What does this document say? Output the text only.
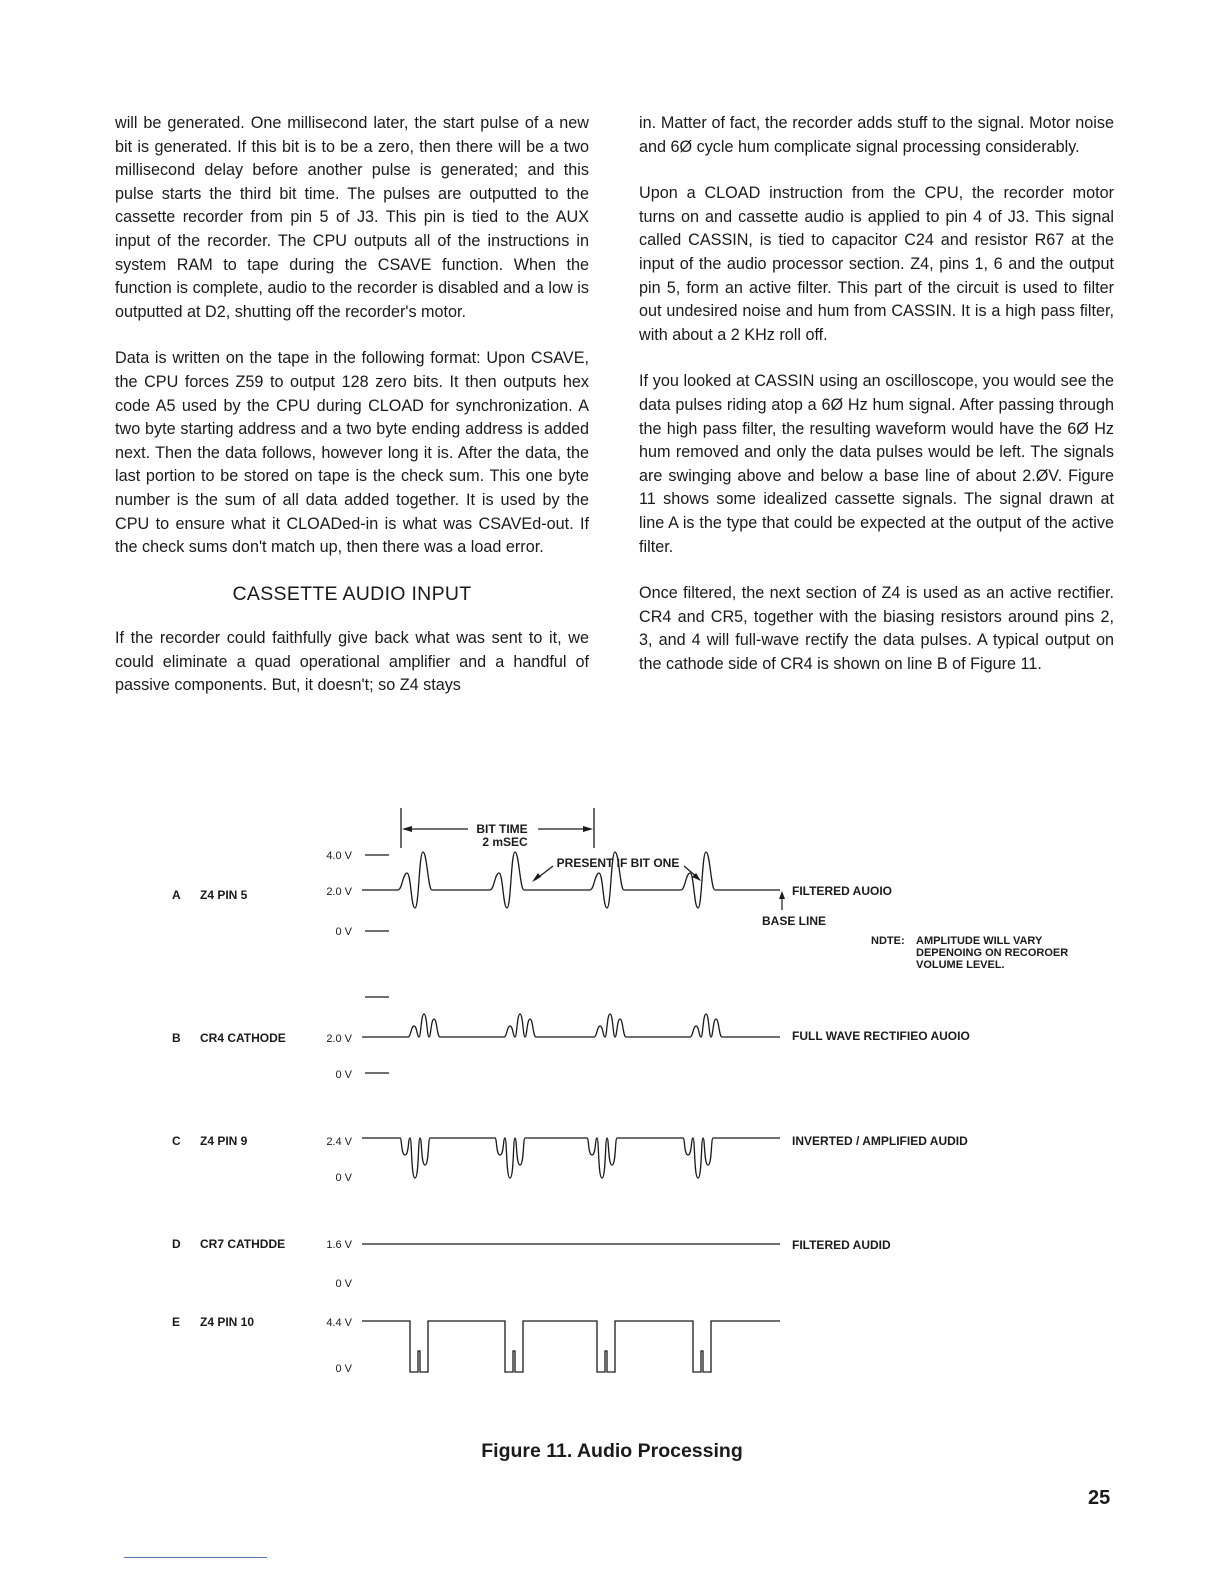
will be generated. One millisecond later, the start pulse of a new bit is generated. If this bit is to be a zero, then there will be a two millisecond delay before another pulse is generated; and this pulse starts the third bit time. The pulses are outputted to the cassette recorder from pin 5 of J3. This pin is tied to the AUX input of the recorder. The CPU outputs all of the instructions in system RAM to tape during the CSAVE function. When the function is complete, audio to the recorder is disabled and a low is outputted at D2, shutting off the recorder's motor.

Data is written on the tape in the following format: Upon CSAVE, the CPU forces Z59 to output 128 zero bits. It then outputs hex code A5 used by the CPU during CLOAD for synchronization. A two byte starting address and a two byte ending address is added next. Then the data follows, however long it is. After the data, the last portion to be stored on tape is the check sum. This one byte number is the sum of all data added together. It is used by the CPU to ensure what it CLOADed-in is what was CSAVEd-out. If the check sums don't match up, then there was a load error.

CASSETTE AUDIO INPUT

If the recorder could faithfully give back what was sent to it, we could eliminate a quad operational amplifier and a handful of passive components. But, it doesn't; so Z4 stays

in. Matter of fact, the recorder adds stuff to the signal. Motor noise and 6Ø cycle hum complicate signal processing considerably.

Upon a CLOAD instruction from the CPU, the recorder motor turns on and cassette audio is applied to pin 4 of J3. This signal called CASSIN, is tied to capacitor C24 and resistor R67 at the input of the audio processor section. Z4, pins 1, 6 and the output pin 5, form an active filter. This part of the circuit is used to filter out undesired noise and hum from CASSIN. It is a high pass filter, with about a 2 KHz roll off.

If you looked at CASSIN using an oscilloscope, you would see the data pulses riding atop a 6Ø Hz hum signal. After passing through the high pass filter, the resulting waveform would have the 6Ø Hz hum removed and only the data pulses would be left. The signals are swinging above and below a base line of about 2.ØV. Figure 11 shows some idealized cassette signals. The signal drawn at line A is the type that could be expected at the output of the active filter.

Once filtered, the next section of Z4 is used as an active rectifier. CR4 and CR5, together with the biasing resistors around pins 2, 3, and 4 will full-wave rectify the data pulses. A typical output on the cathode side of CR4 is shown on line B of Figure 11.

BIT TIME
2 mSEC
PRESENT IF BIT ONE
A Z4 PIN 5
4.0 V
2.0 V
0 V
FILTERED AUOIO
BASE LINE
NDTE: AMPLITUDE WILL VARY
DEPENOING ON RECOROER
VOLUME LEVEL.
B CR4 CATHODE	2.0 V
0 V
FULL WAVE RECTIFIEO AUOIO
C Z4 PIN 9	2.4 V
0 V
INVERTED / AMPLIFIED AUDID
D CR7 CATHDDE	1.6 V
0 V
FILTERED AUDID
E Z4 PIN 10	4.4 V
0 V
Figure 11. Audio Processing
25
